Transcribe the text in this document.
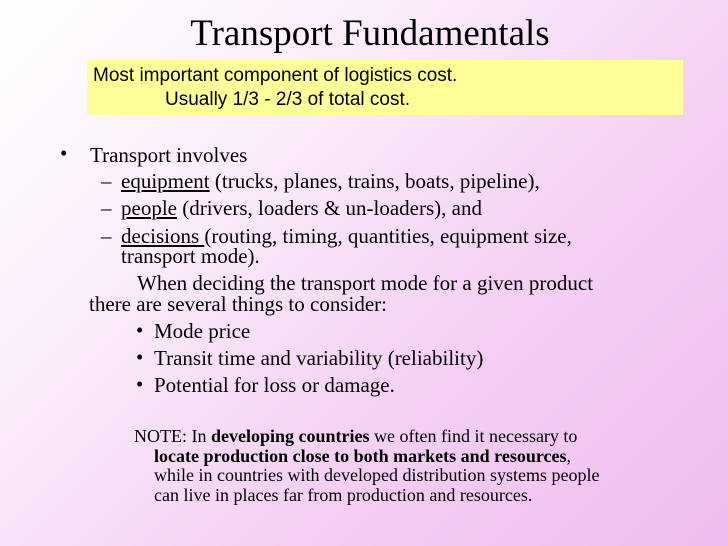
Transport Fundamentals
Most important component of logistics cost.
Usually 1/3 - 2/3 of total cost.
• Transport involves
– equipment (trucks, planes, trains, boats, pipeline),
– people (drivers, loaders & un-loaders), and
– decisions (routing, timing, quantities, equipment size,
transport mode).
When deciding the transport mode for a given product
there are several things to consider:
• Mode price
• Transit time and variability (reliability)
• Potential for loss or damage.
NOTE: In developing countries we often find it necessary to
locate production close to both markets and resources,
while in countries with developed distribution systems people
can live in places far from production and resources.
